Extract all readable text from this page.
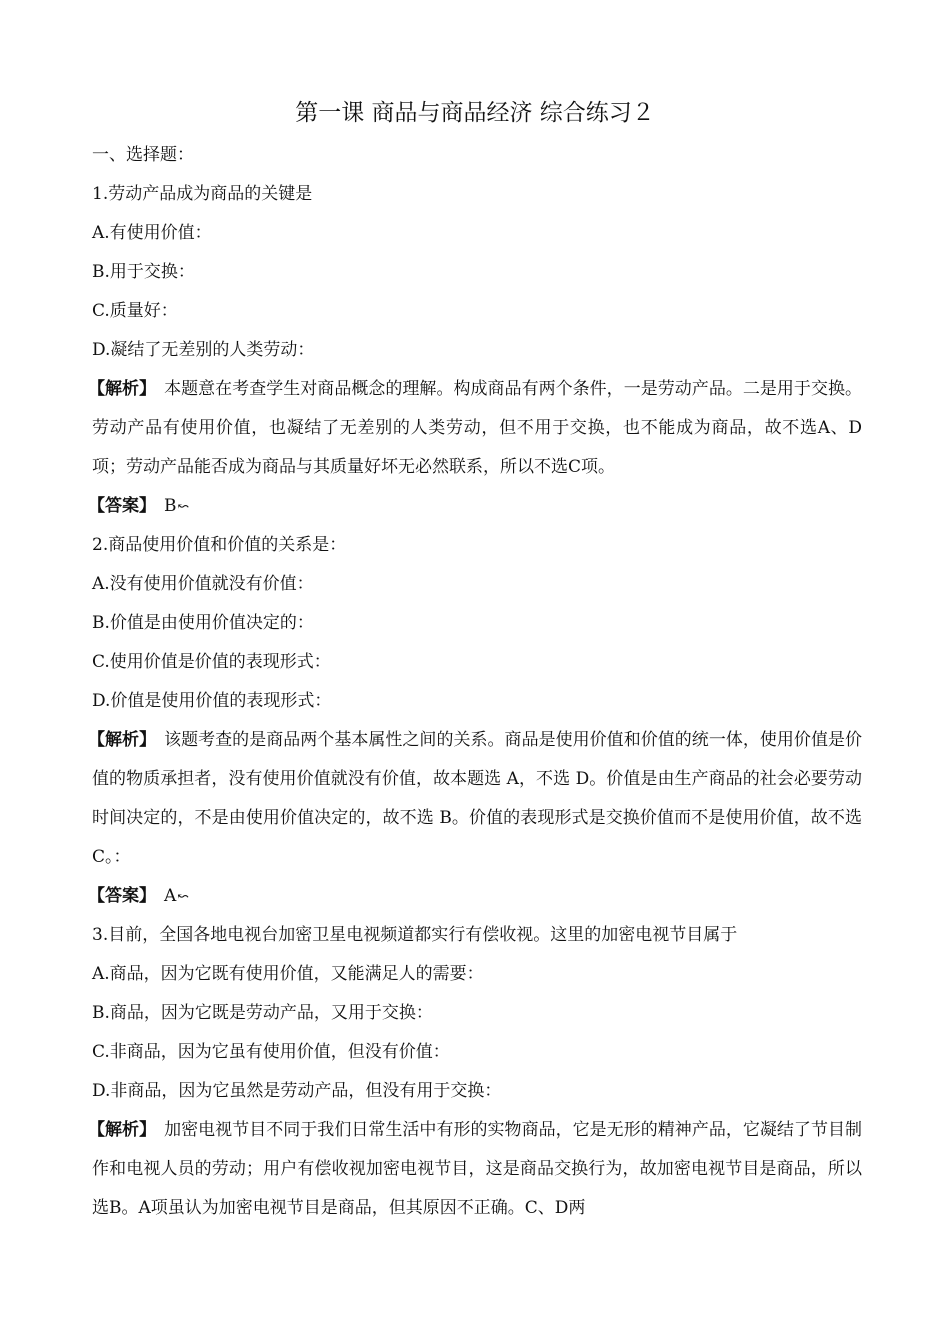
第一课 商品与商品经济 综合练习２
一、选择题：
1.劳动产品成为商品的关键是
A.有使用价值：
B.用于交换：
C.质量好：
D.凝结了无差别的人类劳动：
【解析】 本题意在考查学生对商品概念的理解。构成商品有两个条件，一是劳动产品。二是用于交换。劳动产品有使用价值，也凝结了无差别的人类劳动，但不用于交换，也不能成为商品，故不选A、D项；劳动产品能否成为商品与其质量好坏无必然联系，所以不选C项。
【答案】 B↜
2.商品使用价值和价值的关系是：
A.没有使用价值就没有价值：
B.价值是由使用价值决定的：
C.使用价值是价值的表现形式：
D.价值是使用价值的表现形式：
【解析】 该题考查的是商品两个基本属性之间的关系。商品是使用价值和价值的统一体，使用价值是价值的物质承担者，没有使用价值就没有价值，故本题选 A，不选 D。价值是由生产商品的社会必要劳动时间决定的，不是由使用价值决定的，故不选 B。价值的表现形式是交换价值而不是使用价值，故不选C。：
【答案】 A↜
3.目前，全国各地电视台加密卫星电视频道都实行有偿收视。这里的加密电视节目属于
A.商品，因为它既有使用价值，又能满足人的需要：
B.商品，因为它既是劳动产品，又用于交换：
C.非商品，因为它虽有使用价值，但没有价值：
D.非商品，因为它虽然是劳动产品，但没有用于交换：
【解析】 加密电视节目不同于我们日常生活中有形的实物商品，它是无形的精神产品，它凝结了节目制作和电视人员的劳动；用户有偿收视加密电视节目，这是商品交换行为，故加密电视节目是商品，所以选B。A项虽认为加密电视节目是商品，但其原因不正确。C、D两
